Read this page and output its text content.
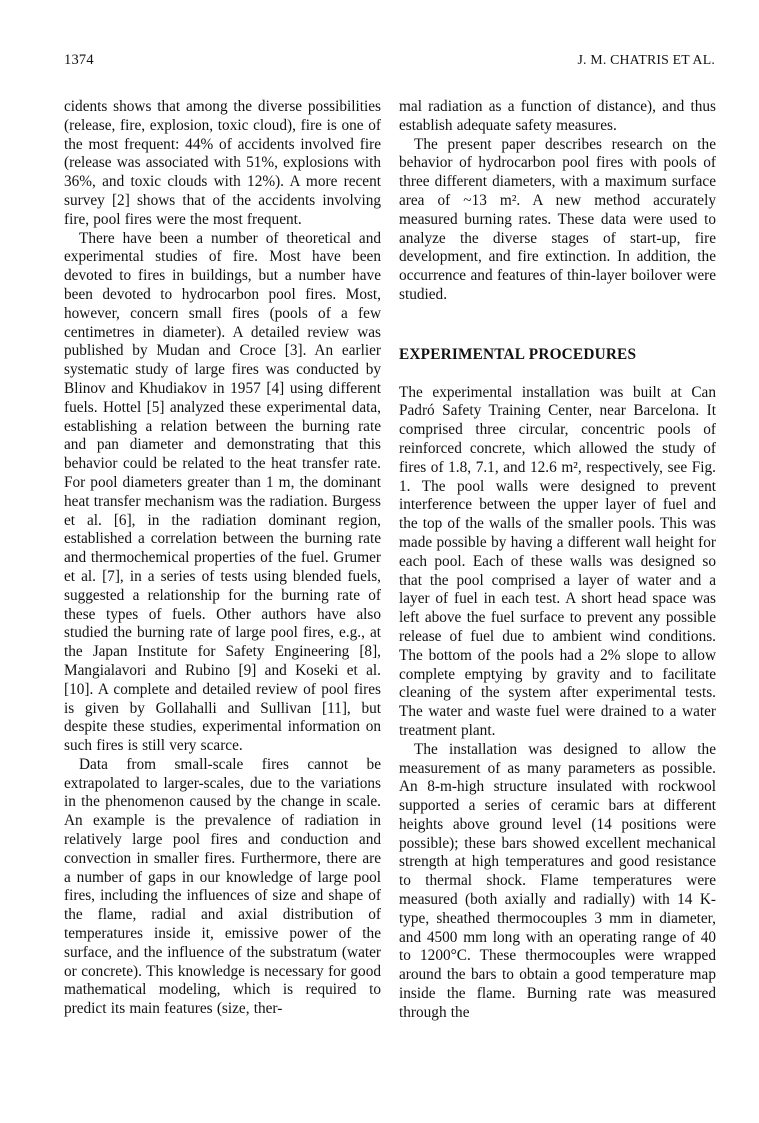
1374	J. M. CHATRIS ET AL.

cidents shows that among the diverse possibilities (release, fire, explosion, toxic cloud), fire is one of the most frequent: 44% of accidents involved fire (release was associated with 51%, explosions with 36%, and toxic clouds with 12%). A more recent survey [2] shows that of the accidents involving fire, pool fires were the most frequent.

There have been a number of theoretical and experimental studies of fire. Most have been devoted to fires in buildings, but a number have been devoted to hydrocarbon pool fires. Most, however, concern small fires (pools of a few centimetres in diameter). A detailed review was published by Mudan and Croce [3]. An earlier systematic study of large fires was conducted by Blinov and Khudiakov in 1957 [4] using different fuels. Hottel [5] analyzed these experimental data, establishing a relation between the burning rate and pan diameter and demonstrating that this behavior could be related to the heat transfer rate. For pool diameters greater than 1 m, the dominant heat transfer mechanism was the radiation. Burgess et al. [6], in the radiation dominant region, established a correlation between the burning rate and thermochemical properties of the fuel. Grumer et al. [7], in a series of tests using blended fuels, suggested a relationship for the burning rate of these types of fuels. Other authors have also studied the burning rate of large pool fires, e.g., at the Japan Institute for Safety Engineering [8], Mangialavori and Rubino [9] and Koseki et al. [10]. A complete and detailed review of pool fires is given by Gollahalli and Sullivan [11], but despite these studies, experimental information on such fires is still very scarce.

Data from small-scale fires cannot be extrapolated to larger-scales, due to the variations in the phenomenon caused by the change in scale. An example is the prevalence of radiation in relatively large pool fires and conduction and convection in smaller fires. Furthermore, there are a number of gaps in our knowledge of large pool fires, including the influences of size and shape of the flame, radial and axial distribution of temperatures inside it, emissive power of the surface, and the influence of the substratum (water or concrete). This knowledge is necessary for good mathematical modeling, which is required to predict its main features (size, ther-

mal radiation as a function of distance), and thus establish adequate safety measures.

The present paper describes research on the behavior of hydrocarbon pool fires with pools of three different diameters, with a maximum surface area of ~13 m². A new method accurately measured burning rates. These data were used to analyze the diverse stages of start-up, fire development, and fire extinction. In addition, the occurrence and features of thin-layer boilover were studied.

EXPERIMENTAL PROCEDURES

The experimental installation was built at Can Padró Safety Training Center, near Barcelona. It comprised three circular, concentric pools of reinforced concrete, which allowed the study of fires of 1.8, 7.1, and 12.6 m², respectively, see Fig. 1. The pool walls were designed to prevent interference between the upper layer of fuel and the top of the walls of the smaller pools. This was made possible by having a different wall height for each pool. Each of these walls was designed so that the pool comprised a layer of water and a layer of fuel in each test. A short head space was left above the fuel surface to prevent any possible release of fuel due to ambient wind conditions. The bottom of the pools had a 2% slope to allow complete emptying by gravity and to facilitate cleaning of the system after experimental tests. The water and waste fuel were drained to a water treatment plant.

The installation was designed to allow the measurement of as many parameters as possible. An 8-m-high structure insulated with rockwool supported a series of ceramic bars at different heights above ground level (14 positions were possible); these bars showed excellent mechanical strength at high temperatures and good resistance to thermal shock. Flame temperatures were measured (both axially and radially) with 14 K-type, sheathed thermocouples 3 mm in diameter, and 4500 mm long with an operating range of 40 to 1200°C. These thermocouples were wrapped around the bars to obtain a good temperature map inside the flame. Burning rate was measured through the
